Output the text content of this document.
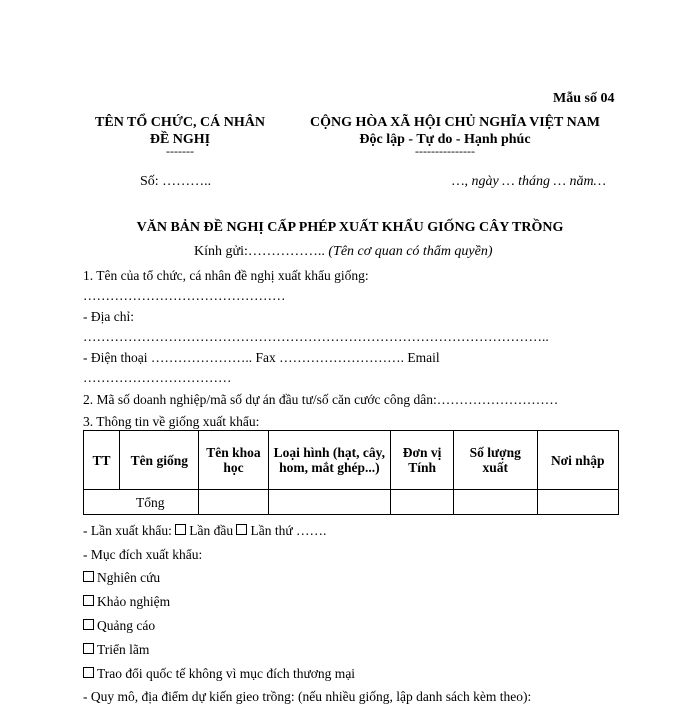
Mẫu số 04
TÊN TỔ CHỨC, CÁ NHÂN
ĐỀ NGHỊ
-------
CỘNG HÒA XÃ HỘI CHỦ NGHĨA VIỆT NAM
Độc lập - Tự do - Hạnh phúc
---------------
Số: ………..	…, ngày … tháng … năm…
VĂN BẢN ĐỀ NGHỊ CẤP PHÉP XUẤT KHẨU GIỐNG CÂY TRỒNG
Kính gửi:…………….. (Tên cơ quan có thẩm quyền)
1. Tên của tổ chức, cá nhân đề nghị xuất khẩu giống:
………………………………………
- Địa chỉ:
…………………………………………………………………………………………..
- Điện thoại ………………….. Fax ………………………. Email
……………………………
2. Mã số doanh nghiệp/mã số dự án đầu tư/số căn cước công dân:………………………
3. Thông tin về giống xuất khẩu:
TT	Tên giống	Tên khoa học	Loại hình (hạt, cây, hom, mắt ghép...)	Đơn vị Tính	Số lượng xuất	Nơi nhập
Tổng						
- Lần xuất khẩu: Lần đầu Lần thứ …….
- Mục đích xuất khẩu:
Nghiên cứu
Khảo nghiệm
Quảng cáo
Triển lãm
Trao đổi quốc tế không vì mục đích thương mại
- Quy mô, địa điểm dự kiến gieo trồng: (nếu nhiều giống, lập danh sách kèm theo):
